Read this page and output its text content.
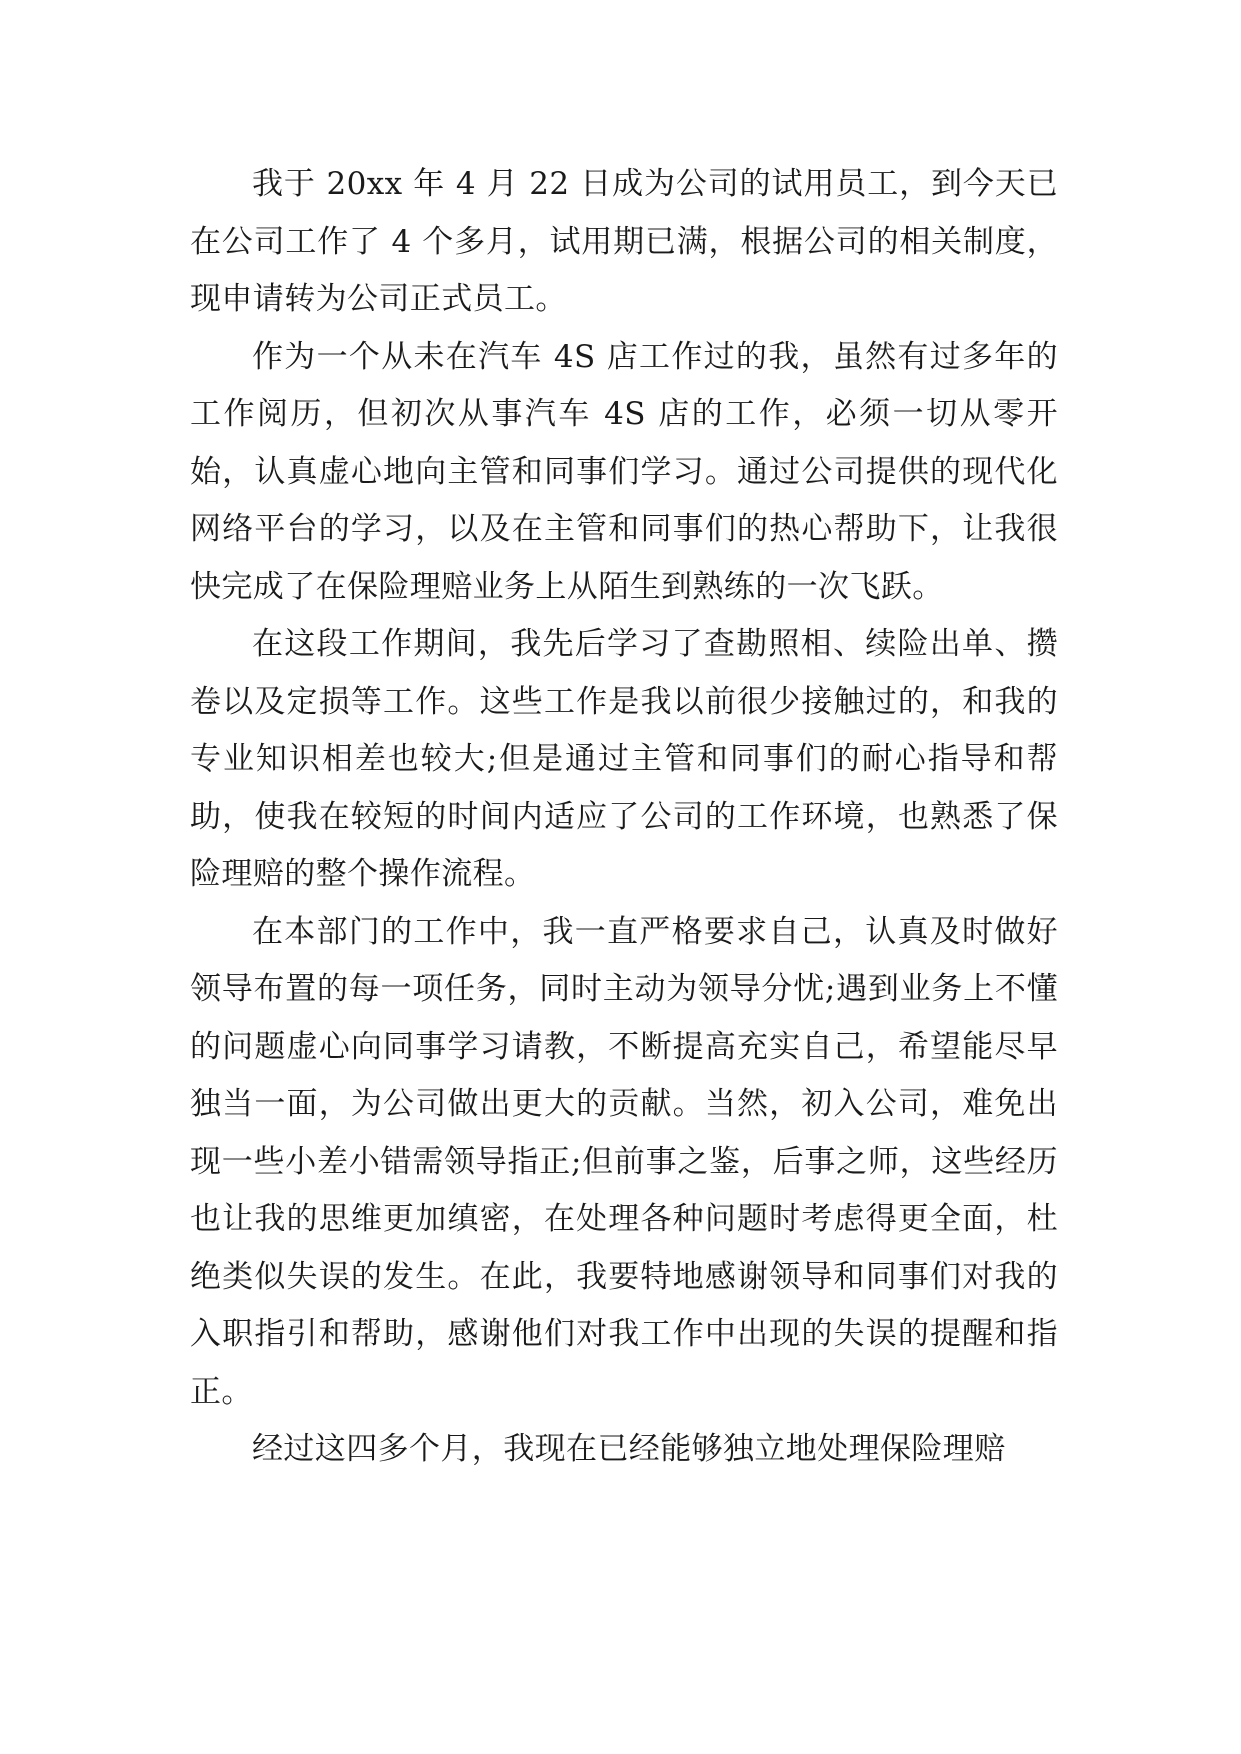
我于 20xx 年 4 月 22 日成为公司的试用员工，到今天已在公司工作了 4 个多月，试用期已满，根据公司的相关制度，现申请转为公司正式员工。

作为一个从未在汽车 4S 店工作过的我，虽然有过多年的工作阅历，但初次从事汽车 4S 店的工作，必须一切从零开始，认真虚心地向主管和同事们学习。通过公司提供的现代化网络平台的学习，以及在主管和同事们的热心帮助下，让我很快完成了在保险理赔业务上从陌生到熟练的一次飞跃。

在这段工作期间，我先后学习了查勘照相、续险出单、攒卷以及定损等工作。这些工作是我以前很少接触过的，和我的专业知识相差也较大;但是通过主管和同事们的耐心指导和帮助，使我在较短的时间内适应了公司的工作环境，也熟悉了保险理赔的整个操作流程。

在本部门的工作中，我一直严格要求自己，认真及时做好领导布置的每一项任务，同时主动为领导分忧;遇到业务上不懂的问题虚心向同事学习请教，不断提高充实自己，希望能尽早独当一面，为公司做出更大的贡献。当然，初入公司，难免出现一些小差小错需领导指正;但前事之鉴，后事之师，这些经历也让我的思维更加缜密，在处理各种问题时考虑得更全面，杜绝类似失误的发生。在此，我要特地感谢领导和同事们对我的入职指引和帮助，感谢他们对我工作中出现的失误的提醒和指正。

经过这四多个月，我现在已经能够独立地处理保险理赔
